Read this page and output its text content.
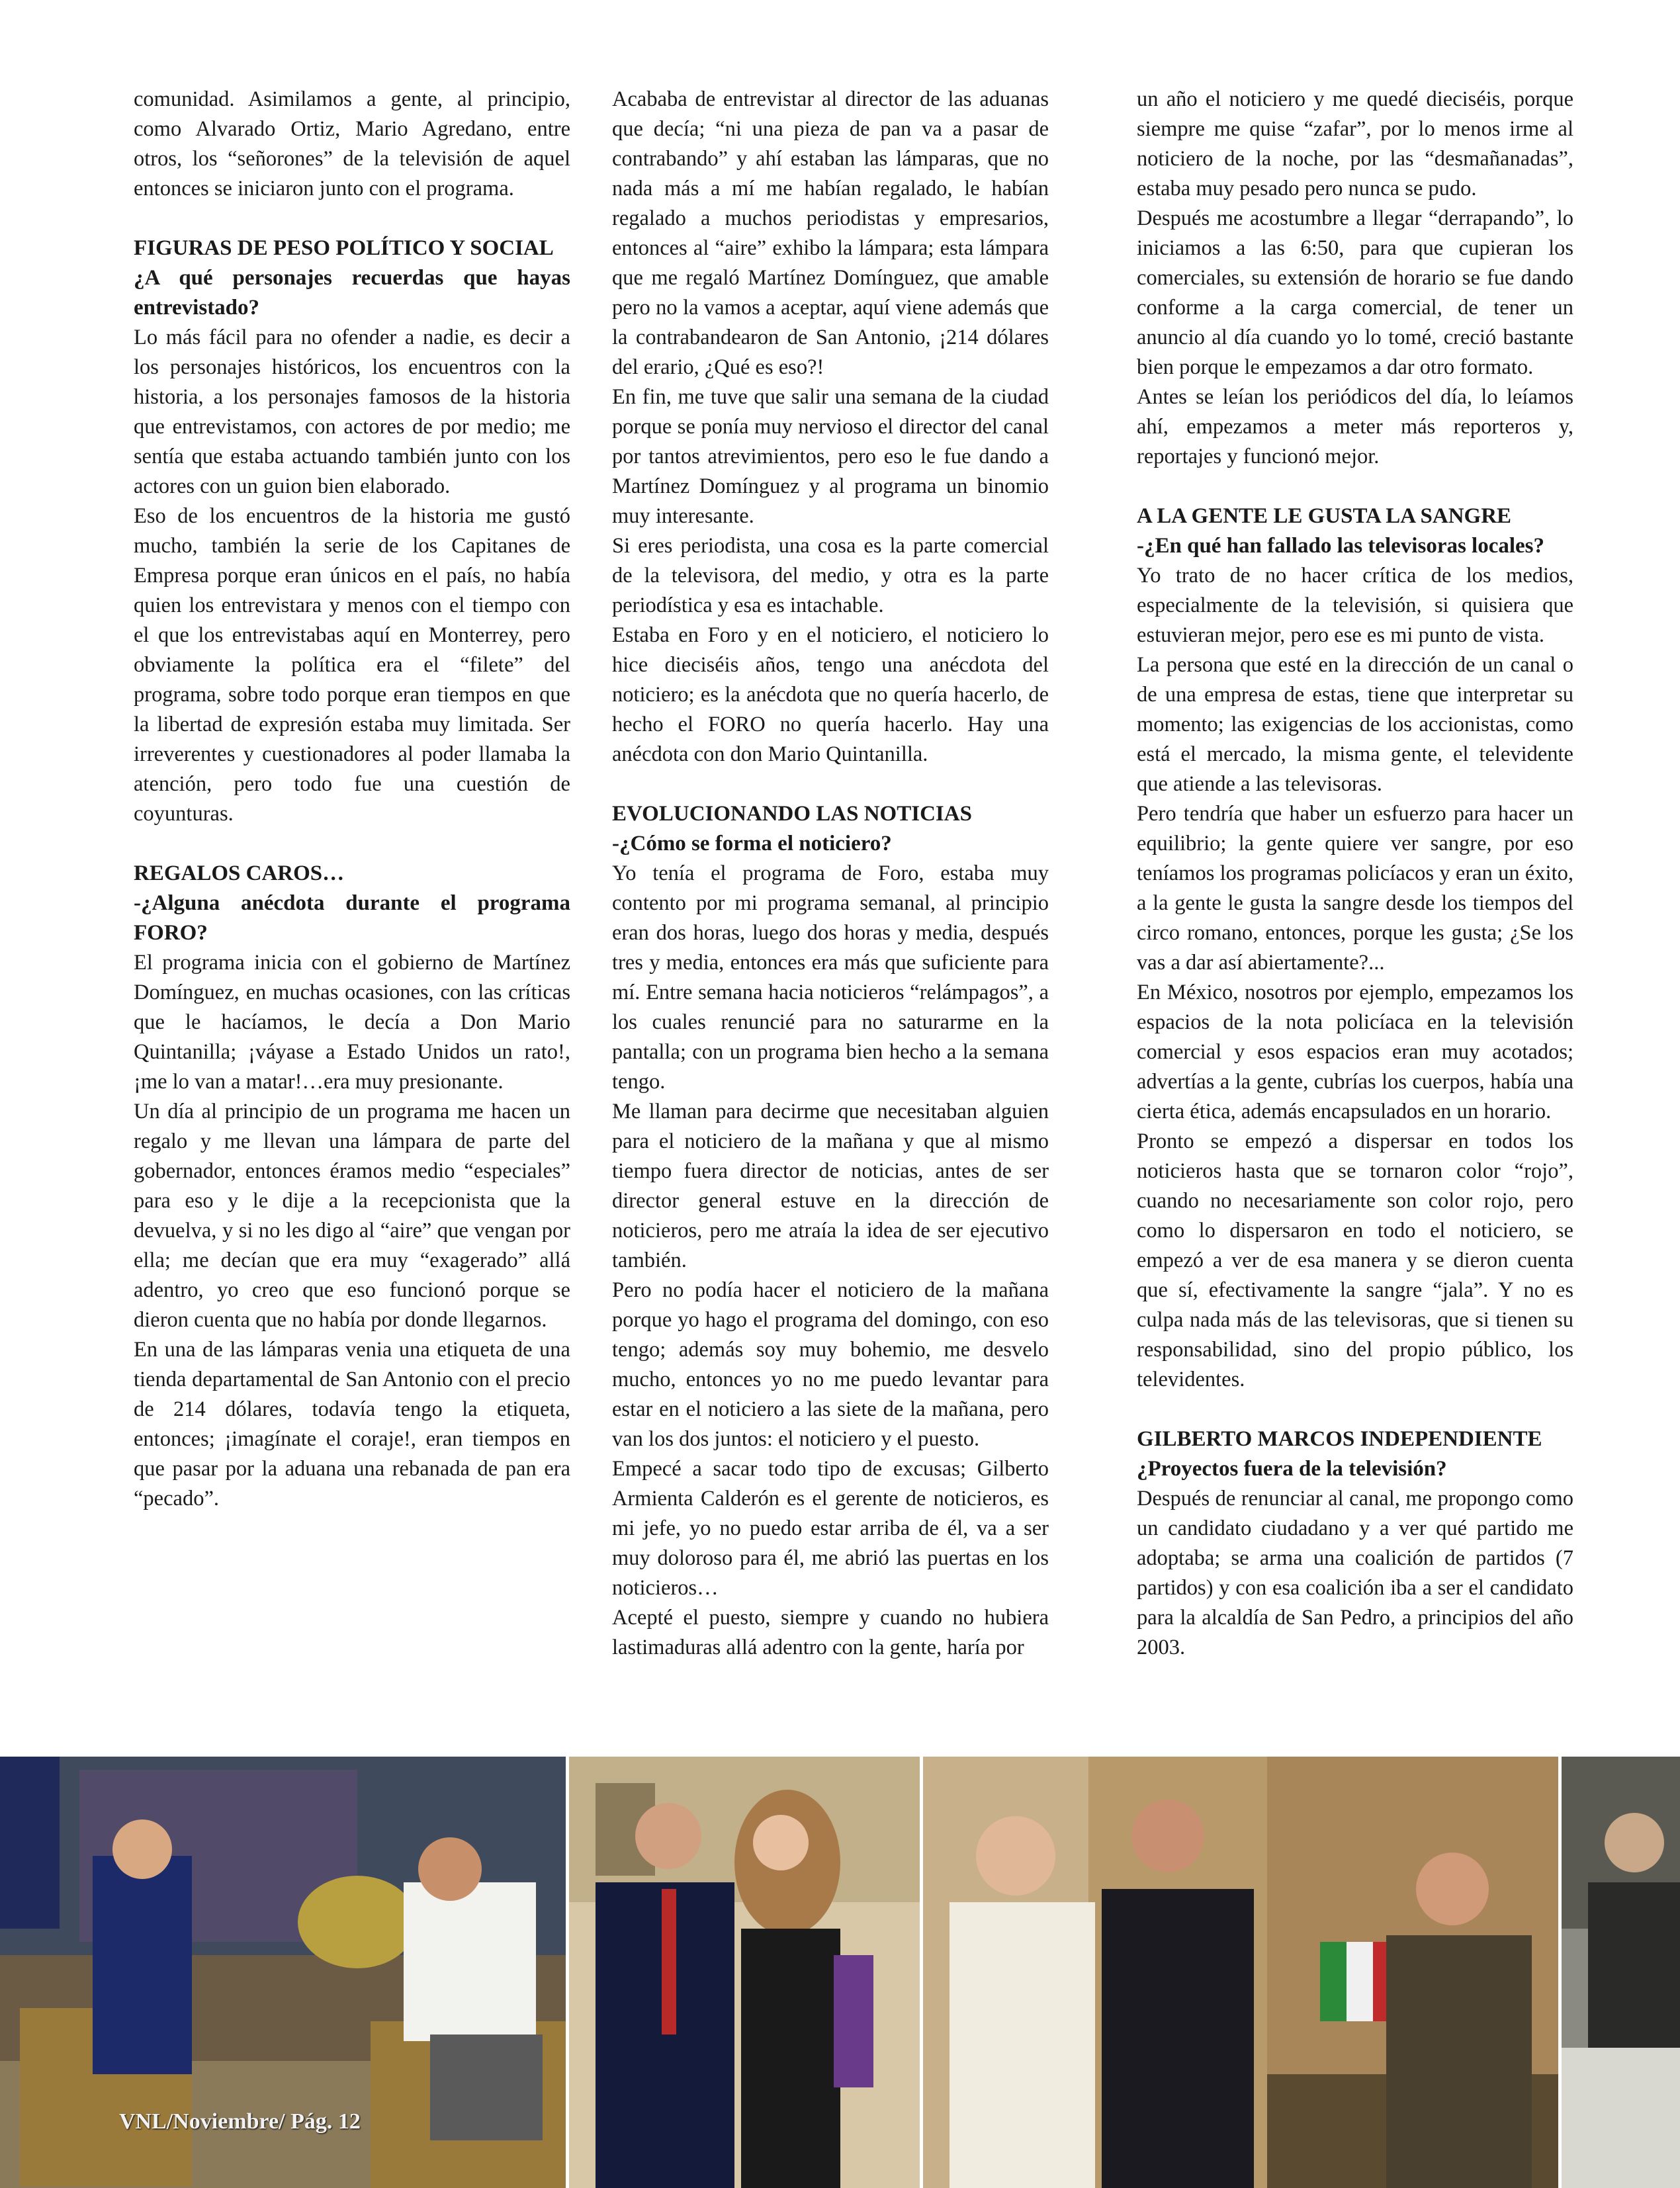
comunidad. Asimilamos a gente, al principio, como Alvarado Ortiz, Mario Agredano, entre otros, los “señorones” de la televisión de aquel entonces se iniciaron junto con el programa.

FIGURAS DE PESO POLÍTICO Y SOCIAL
¿A qué personajes recuerdas que hayas entrevistado?

Lo más fácil para no ofender a nadie, es decir a los personajes históricos, los encuentros con la historia, a los personajes famosos de la historia que entrevistamos, con actores de por medio; me sentía que estaba actuando también junto con los actores con un guion bien elaborado.

Eso de los encuentros de la historia me gustó mucho, también la serie de los Capitanes de Empresa porque eran únicos en el país, no había quien los entrevistara y menos con el tiempo con el que los entrevistabas aquí en Monterrey, pero obviamente la política era el “filete” del programa, sobre todo porque eran tiempos en que la libertad de expresión estaba muy limitada. Ser irreverentes y cuestionadores al poder llamaba la atención, pero todo fue una cuestión de coyunturas.

REGALOS CAROS…
-¿Alguna anécdota durante el programa FORO?

El programa inicia con el gobierno de Martínez Domínguez, en muchas ocasiones, con las críticas que le hacíamos, le decía a Don Mario Quintanilla; ¡váyase a Estado Unidos un rato!, ¡me lo van a matar!…era muy presionante.

Un día al principio de un programa me hacen un regalo y me llevan una lámpara de parte del gobernador, entonces éramos medio “especiales” para eso y le dije a la recepcionista que la devuelva, y si no les digo al “aire” que vengan por ella; me decían que era muy “exagerado” allá adentro, yo creo que eso funcionó porque se dieron cuenta que no había por donde llegarnos.

En una de las lámparas venia una etiqueta de una tienda departamental de San Antonio con el precio de 214 dólares, todavía tengo la etiqueta, entonces; ¡imagínate el coraje!, eran tiempos en que pasar por la aduana una rebanada de pan era “pecado”.

Acababa de entrevistar al director de las aduanas que decía; “ni una pieza de pan va a pasar de contrabando” y ahí estaban las lámparas, que no nada más a mí me habían regalado, le habían regalado a muchos periodistas y empresarios, entonces al “aire” exhibo la lámpara; esta lámpara que me regaló Martínez Domínguez, que amable pero no la vamos a aceptar, aquí viene además que la contrabandearon de San Antonio, ¡214 dólares del erario, ¿Qué es eso?!

En fin, me tuve que salir una semana de la ciudad porque se ponía muy nervioso el director del canal por tantos atrevimientos, pero eso le fue dando a Martínez Domínguez y al programa un binomio muy interesante.

Si eres periodista, una cosa es la parte comercial de la televisora, del medio, y otra es la parte periodística y esa es intachable.

Estaba en Foro y en el noticiero, el noticiero lo hice dieciséis años, tengo una anécdota del noticiero; es la anécdota que no quería hacerlo, de hecho el FORO no quería hacerlo. Hay una anécdota con don Mario Quintanilla.

EVOLUCIONANDO LAS NOTICIAS
-¿Cómo se forma el noticiero?

Yo tenía el programa de Foro, estaba muy contento por mi programa semanal, al principio eran dos horas, luego dos horas y media, después tres y media, entonces era más que suficiente para mí. Entre semana hacia noticieros “relámpagos”, a los cuales renuncié para no saturarme en la pantalla; con un programa bien hecho a la semana tengo.

Me llaman para decirme que necesitaban alguien para el noticiero de la mañana y que al mismo tiempo fuera director de noticias, antes de ser director general estuve en la dirección de noticieros, pero me atraía la idea de ser ejecutivo también.

Pero no podía hacer el noticiero de la mañana porque yo hago el programa del domingo, con eso tengo; además soy muy bohemio, me desvelo mucho, entonces yo no me puedo levantar para estar en el noticiero a las siete de la mañana, pero van los dos juntos: el noticiero y el puesto.

Empecé a sacar todo tipo de excusas; Gilberto Armienta Calderón es el gerente de noticieros, es mi jefe, yo no puedo estar arriba de él, va a ser muy doloroso para él, me abrió las puertas en los noticieros…

Acepté el puesto, siempre y cuando no hubiera lastimaduras allá adentro con la gente, haría por

un año el noticiero y me quedé dieciséis, porque siempre me quise “zafar”, por lo menos irme al noticiero de la noche, por las “desmañanadas”, estaba muy pesado pero nunca se pudo.

Después me acostumbre a llegar “derrapando”, lo iniciamos a las 6:50, para que cupieran los comerciales, su extensión de horario se fue dando conforme a la carga comercial, de tener un anuncio al día cuando yo lo tomé, creció bastante bien porque le empezamos a dar otro formato.

Antes se leían los periódicos del día, lo leíamos ahí, empezamos a meter más reporteros y, reportajes y funcionó mejor.

A LA GENTE LE GUSTA LA SANGRE
-¿En qué han fallado las televisoras locales?

Yo trato de no hacer crítica de los medios, especialmente de la televisión, si quisiera que estuvieran mejor, pero ese es mi punto de vista.

La persona que esté en la dirección de un canal o de una empresa de estas, tiene que interpretar su momento; las exigencias de los accionistas, como está el mercado, la misma gente, el televidente que atiende a las televisoras.

Pero tendría que haber un esfuerzo para hacer un equilibrio; la gente quiere ver sangre, por eso teníamos los programas policíacos y eran un éxito, a la gente le gusta la sangre desde los tiempos del circo romano, entonces, porque les gusta; ¿Se los vas a dar así abiertamente?...

En México, nosotros por ejemplo, empezamos los espacios de la nota policíaca en la televisión comercial y esos espacios eran muy acotados; advertías a la gente, cubrías los cuerpos, había una cierta ética, además encapsulados en un horario.

Pronto se empezó a dispersar en todos los noticieros hasta que se tornaron color “rojo”, cuando no necesariamente son color rojo, pero como lo dispersaron en todo el noticiero, se empezó a ver de esa manera y se dieron cuenta que sí, efectivamente la sangre “jala”. Y no es culpa nada más de las televisoras, que si tienen su responsabilidad, sino del propio público, los televidentes.

GILBERTO MARCOS INDEPENDIENTE
¿Proyectos fuera de la televisión?

Después de renunciar al canal, me propongo como un candidato ciudadano y a ver qué partido me adoptaba; se arma una coalición de partidos (7 partidos) y con esa coalición iba a ser el candidato para la alcaldía de San Pedro, a principios del año 2003.

VNL/Noviembre/ Pág. 12
